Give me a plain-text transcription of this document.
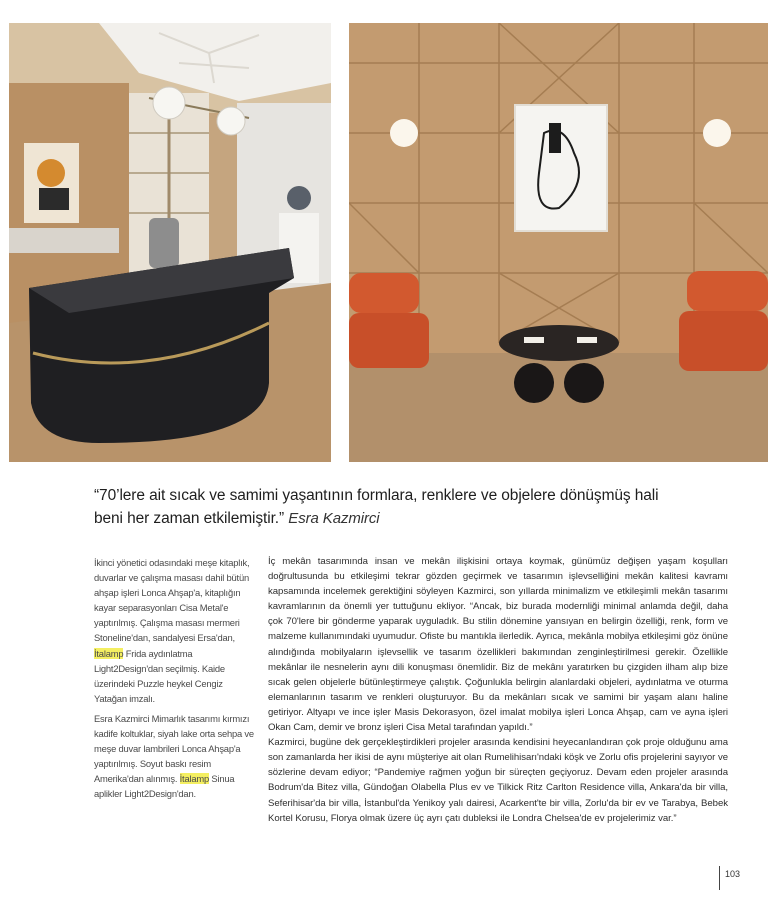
“70’lere ait sıcak ve samimi yaşantının formlara, renklere ve objelere dönüşmüş hali
beni her zaman etkilemiştir.” Esra Kazmirci
İkinci yönetici odasındaki meşe kitaplık, duvarlar ve çalışma masası dahil bütün ahşap işleri Lonca Ahşap'a, kitaplığın kayar separasyonları Cisa Metal'e yaptırılmış. Çalışma masası mermeri Stoneline'dan, sandalyesi Ersa'dan, İtalamp Frida aydınlatma Light2Design'dan seçilmiş. Kaide üzerindeki Puzzle heykel Cengiz Yatağan imzalı.
Esra Kazmirci Mimarlık tasarımı kırmızı kadife koltuklar, siyah lake orta sehpa ve meşe duvar lambrileri Lonca Ahşap'a yaptırılmış. Soyut baskı resim Amerika'dan alınmış. İtalamp Sinua aplikler Light2Design'dan.

İç mekân tasarımında insan ve mekân ilişkisini ortaya koymak, günümüz değişen yaşam koşulları doğrultusunda bu etkileşimi tekrar gözden geçirmek ve tasarımın işlevselliğini mekân kalitesi kavramı kapsamında incelemek gerektiğini söyleyen Kazmirci, son yıllarda minimalizm ve etkileşimli mekân tasarımı kavramlarının da önemli yer tuttuğunu ekliyor. “Ancak, biz burada modernliği minimal anlamda değil, daha çok 70'lere bir gönderme yaparak uyguladık. Bu stilin dönemine yansıyan en belirgin özelliği, renk, form ve malzeme kullanımındaki uyumudur. Ofiste bu mantıkla ilerledik. Ayrıca, mekânla mobilya etkileşimi göz önüne alındığında mobilyaların işlevsellik ve tasarım özellikleri bakımından zenginleştirilmesi gerekir. Özellikle mekânlar ile nesnelerin aynı dili konuşması önemlidir. Biz de mekânı yaratırken bu çizgiden ilham alıp bize sıcak gelen objelerle bütünleştirmeye çalıştık. Çoğunlukla belirgin alanlardaki objeleri, aydınlatma ve oturma elemanlarının tasarım ve renkleri oluşturuyor. Bu da mekânları sıcak ve samimi bir yaşam alanı haline getiriyor. Altyapı ve ince işler Masis Dekorasyon, özel imalat mobilya işleri Lonca Ahşap, cam ve ayna işleri Okan Cam, demir ve bronz işleri Cisa Metal tarafından yapıldı.”

Kazmirci, bugüne dek gerçekleştirdikleri projeler arasında kendisini heyecanlandıran çok proje olduğunu ama son zamanlarda her ikisi de aynı müşteriye ait olan Rumelihisarı'ndaki köşk ve Zorlu ofis projelerini sayıyor ve sözlerine devam ediyor; “Pandemiye rağmen yoğun bir süreçten geçiyoruz. Devam eden projeler arasında Bodrum'da Bitez villa, Gündoğan Olabella Plus ev ve Tilkick Ritz Carlton Residence villa, Ankara'da bir villa, Seferihisar'da bir villa, İstanbul'da Yenikoy yalı dairesi, Acarkent'te bir villa, Zorlu'da bir ev ve Tarabya, Bebek Kortel Korusu, Florya olmak üzere üç ayrı çatı dubleksi ile Londra Chelsea'de ev projelerimiz var.”

103
